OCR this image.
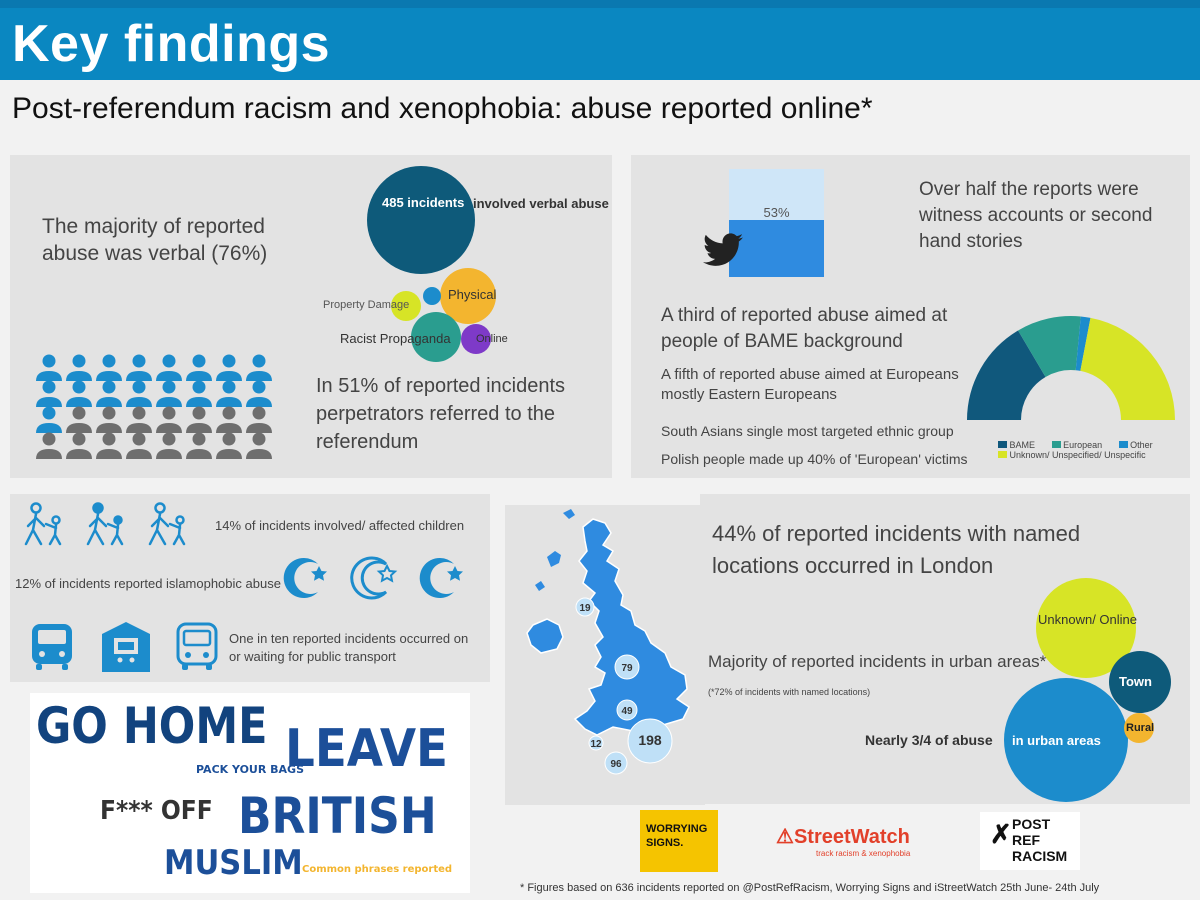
Key findings
Post-referendum racism and xenophobia: abuse reported online*
The majority of reported abuse was verbal (76%)
485 incidents involved verbal abuse
Property Damage
Physical
Racist Propaganda Online
In 51% of reported incidents perpetrators referred to the referendum
53%
Over half the reports were witness accounts or second hand stories
A third of reported abuse aimed at people of BAME background
A fifth of reported abuse aimed at Europeans mostly Eastern Europeans
South Asians single most targeted ethnic group
Polish people made up 40% of 'European' victims
BAME	European	Other
Unknown/ Unspecified/ Unspecific
14% of incidents involved/ affected children
12% of incidents reported islamophobic abuse
One in ten reported incidents occurred on or waiting for public transport
19
79
49
198
12
96
44% of reported incidents with named locations occurred in London
Unknown/ Online
Majority of reported incidents in urban areas*
(*72% of incidents with named locations)
Town
Rural
Nearly 3/4 of abuse in urban areas
GO HOME LEAVE
PACK YOUR BAGS
F*** OFF BRITISH
MUSLIM Common phrases reported
WORRYING SIGNS.	⚠StreetWatch
track racism & xenophobia
✗ POST
REF
RACISM
* Figures based on 636 incidents reported on @PostRefRacism, Worrying Signs and iStreetWatch 25th June- 24th July
